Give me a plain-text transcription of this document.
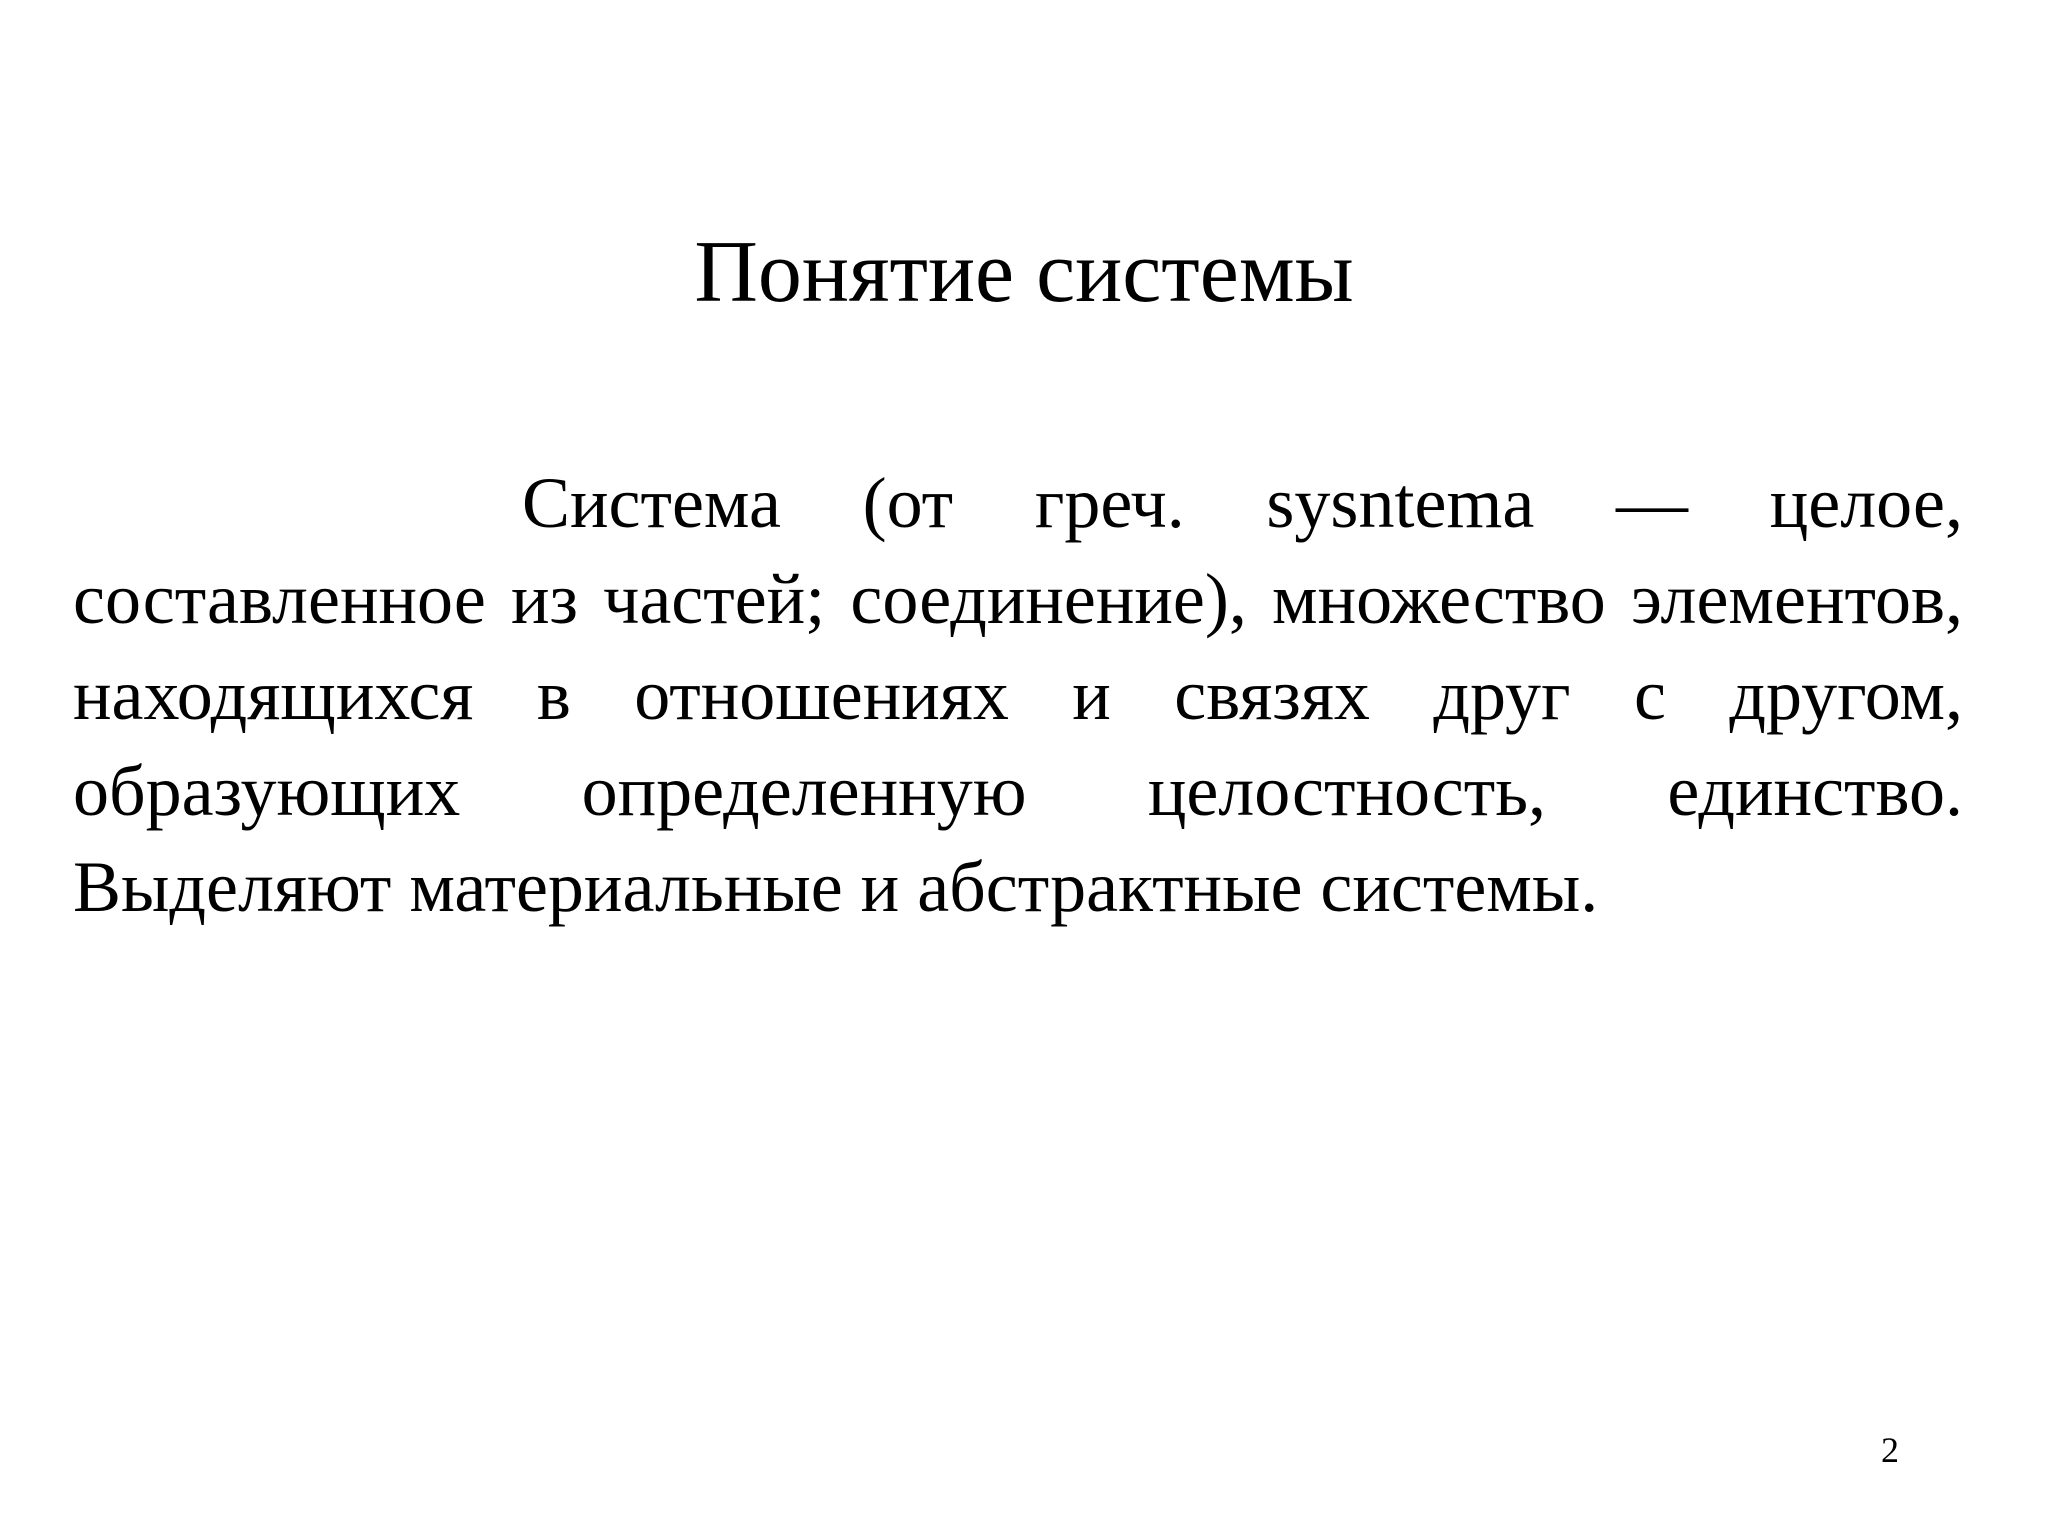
Понятие системы

Система (от греч. sysntema — целое, составленное из частей; соединение), множество элементов, находящихся в отношениях и связях друг с другом, образующих определенную целостность, единство. Выделяют материальные и абстрактные системы.

2
